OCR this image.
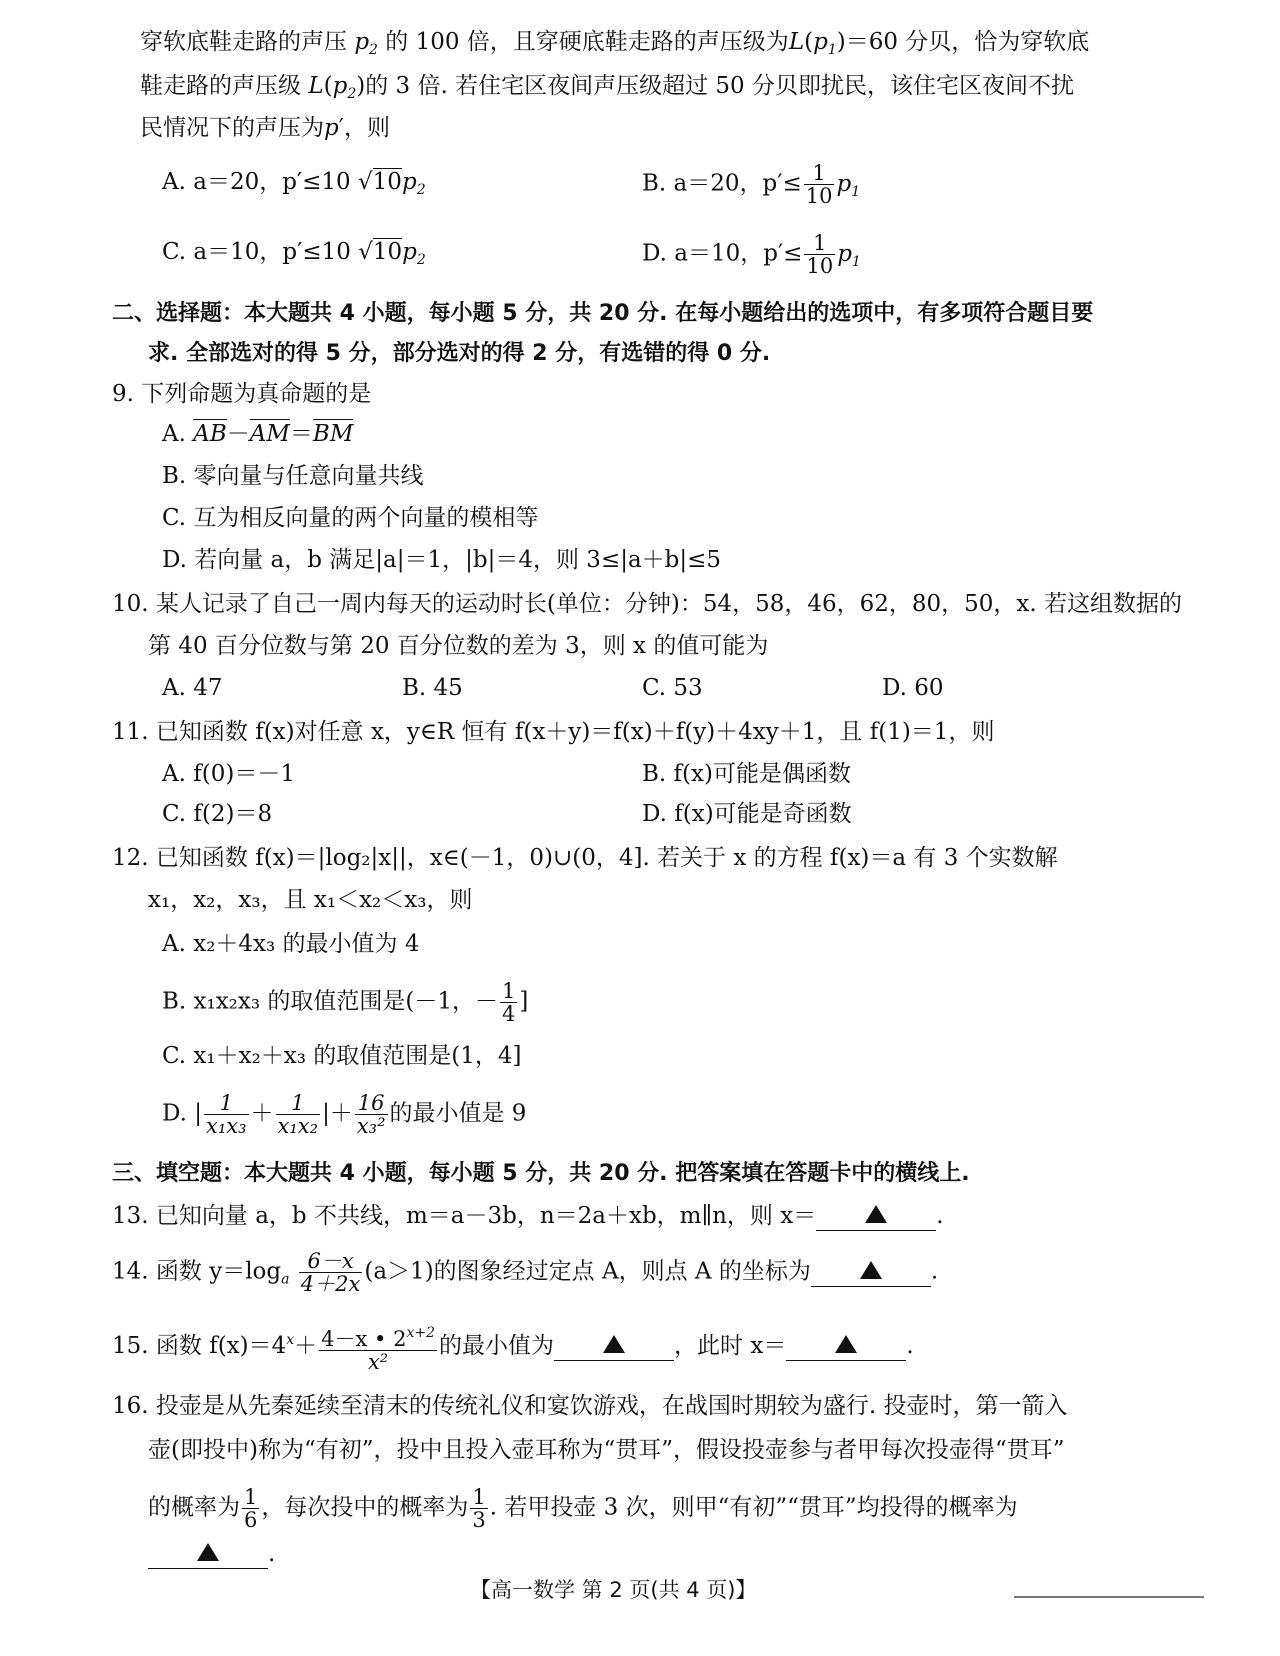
穿软底鞋走路的声压 $p_2$ 的 100 倍，且穿硬底鞋走路的声压级为$L(p_1)=60$ 分贝，恰为穿软底
鞋走路的声压级 $L(p_2)$的 3 倍. 若住宅区夜间声压级超过 50 分贝即扰民，该住宅区夜间不扰
民情况下的声压为p′，则
A. a＝20，p′≤10 $√10p_2$	B. a＝20，$p'\le \frac{1}{10} p_1$
C. a＝10，p′≤10 $√10p_2$	D. a＝10，$p'\le \frac{1}{10} p_1$
二、选择题：本大题共 4 小题，每小题 5 分，共 20 分. 在每小题给出的选项中，有多项符合题目要
求. 全部选对的得 5 分，部分选对的得 2 分，有选错的得 0 分.
9. 下列命题为真命题的是
A. AB－AM＝BM
B. 零向量与任意向量共线
C. 互为相反向量的两个向量的模相等
D. 若向量 a，b 满足|a|＝1，|b|＝4，则 3≤|a＋b|≤5
10. 某人记录了自己一周内每天的运动时长(单位：分钟)：54，58，46，62，80，50，x. 若这组数据的
第 40 百分位数与第 20 百分位数的差为 3，则 x 的值可能为
A. 47	B. 45	C. 53	D. 60
11. 已知函数 f(x)对任意 x，y∈R 恒有 f(x＋y)＝f(x)＋f(y)＋4xy＋1，且 f(1)＝1，则
A. f(0)＝－1	B. f(x)可能是偶函数
C. f(2)＝8	D. f(x)可能是奇函数
12. 已知函数 f(x)＝|log₂|x||，x∈(－1，0)∪(0，4]. 若关于 x 的方程 f(x)＝a 有 3 个实数解
x₁，x₂，x₃，且 x₁＜x₂＜x₃，则
A. x₂＋4x₃ 的最小值为 4
B. x₁x₂x₃ 的取值范围是(－1，－ $\frac{1}{4}$ ]
C. x₁＋x₂＋x₃ 的取值范围是(1，4]
D. | $\frac{1}{\text{x₁x₃}} + \frac{1}{\text{x₁x₂}}$ |＋ $\frac{16}{\text{x₃²}}$ 的最小值是 9
三、填空题：本大题共 4 小题，每小题 5 分，共 20 分. 把答案填在答题卡中的横线上.
13. 已知向量 a，b 不共线，m＝a－3b，n＝2a＋xb，m∥n，则 x＝	.
14. 函数 $y=\log_a \frac{6-x}{4+2x} (a>1)$的图象经过定点 A，则点 A 的坐标为	.
15. 函数 $f(x)=4^x+ \frac{4-x • 2^{x+2}}{\text{x²}}$ 的最小值为	，此时 x＝	.
16. 投壶是从先秦延续至清末的传统礼仪和宴饮游戏，在战国时期较为盛行. 投壶时，第一箭入
壶(即投中)称为“有初”，投中且投入壶耳称为“贯耳”，假设投壶参与者甲每次投壶得“贯耳”
的概率为 $\frac{1}{6}$ ，每次投中的概率为 $\frac{1}{3}$ . 若甲投壶 3 次，则甲“有初”“贯耳”均投得的概率为
.
【高一数学 第 2 页(共 4 页)】
